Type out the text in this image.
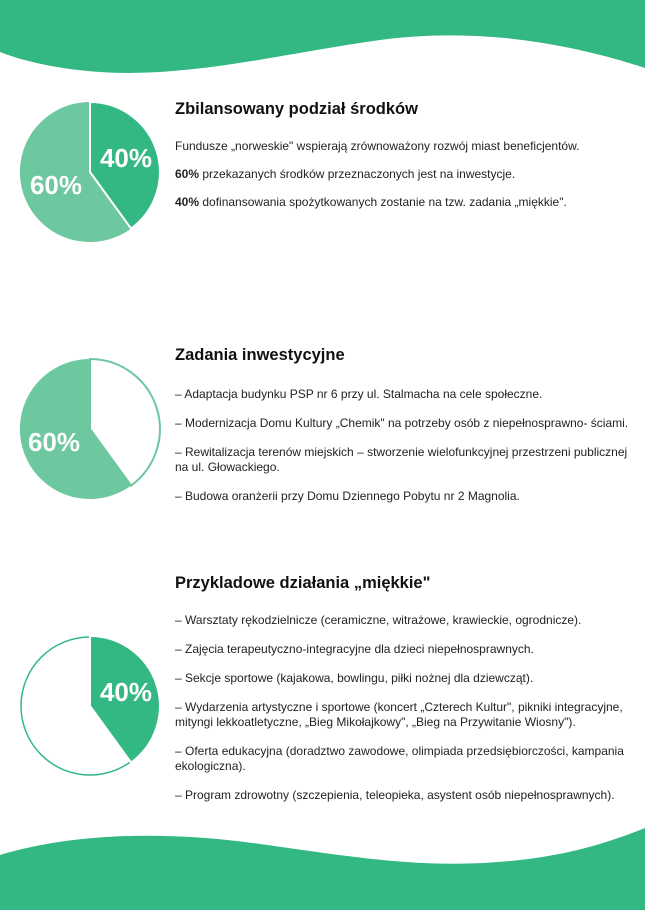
60%
40%
Zbilansowany podział środków

Fundusze „norweskie" wspierają zrównoważony rozwój miast beneficjentów.

60% przekazanych środków przeznaczonych jest na inwestycje.

40% dofinansowania spożytkowanych zostanie na tzw. zadania „miękkie".

60%
Zadania inwestycyjne

– Adaptacja budynku PSP nr 6 przy ul. Stalmacha na cele społeczne.

– Modernizacja Domu Kultury „Chemik" na potrzeby osób z niepełnosprawno- ściami.

– Rewitalizacja terenów miejskich – stworzenie wielofunkcyjnej przestrzeni publicznej na ul. Głowackiego.

– Budowa oranżerii przy Domu Dziennego Pobytu nr 2 Magnolia.

40%
Przykladowe działania „miękkie"

– Warsztaty rękodzielnicze (ceramiczne, witrażowe, krawieckie, ogrodnicze).

– Zajęcia terapeutyczno-integracyjne dla dzieci niepełnosprawnych.

– Sekcje sportowe (kajakowa, bowlingu, piłki nożnej dla dziewcząt).

– Wydarzenia artystyczne i sportowe (koncert „Czterech Kultur", pikniki integracyjne, mityngi lekkoatletyczne, „Bieg Mikołajkowy", „Bieg na Przywitanie Wiosny").

– Oferta edukacyjna (doradztwo zawodowe, olimpiada przedsiębiorczości, kampania ekologiczna).

– Program zdrowotny (szczepienia, teleopieka, asystent osób niepełnosprawnych).
